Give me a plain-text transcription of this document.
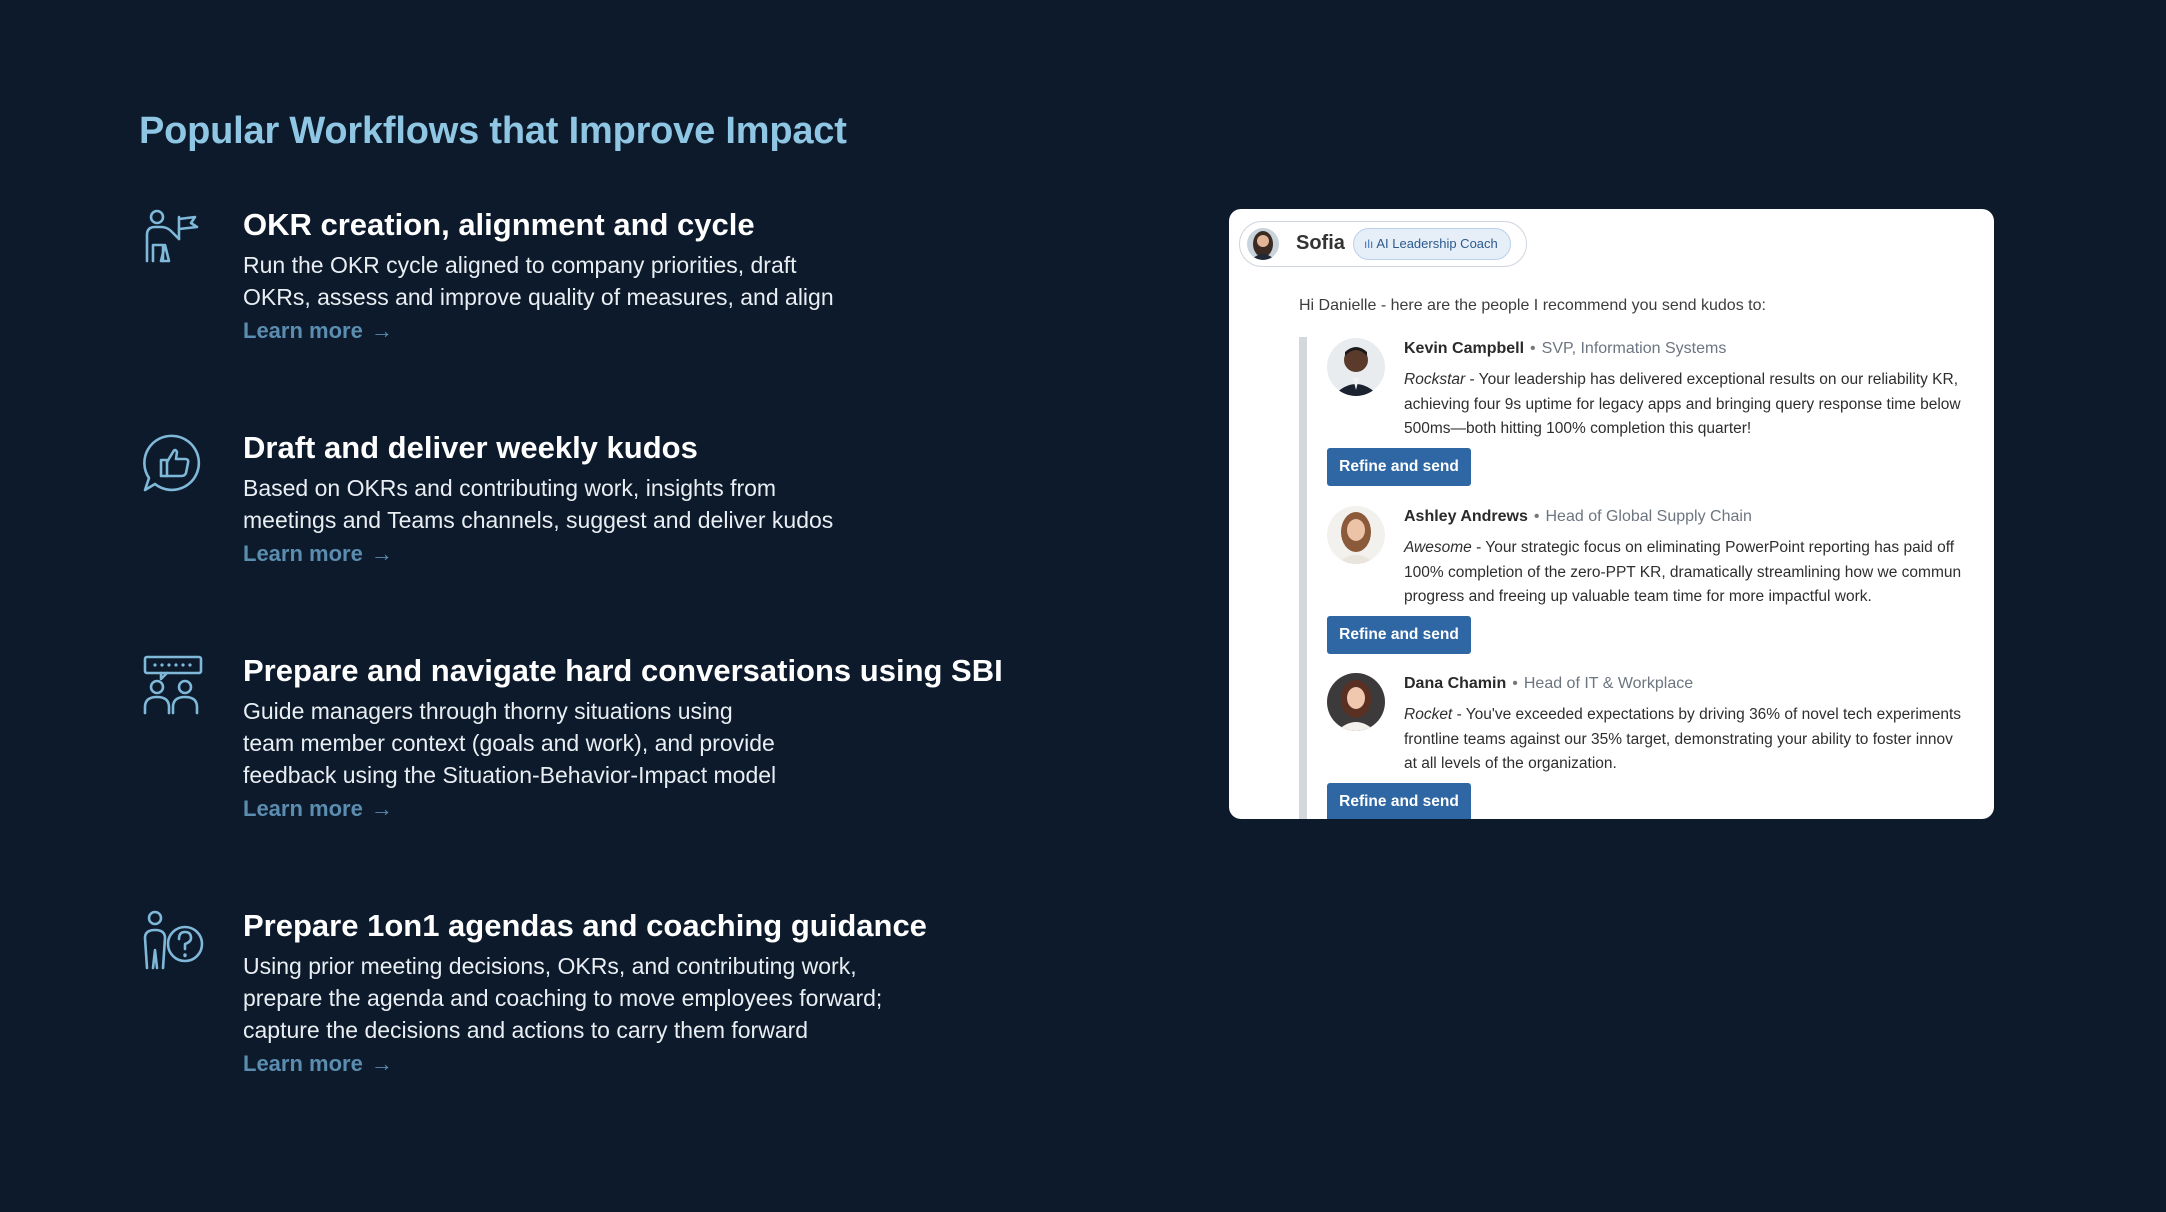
Popular Workflows that Improve Impact
OKR creation, alignment and cycle
Run the OKR cycle aligned to company priorities, draft
OKRs, assess and improve quality of measures, and align
Learn more →
Draft and deliver weekly kudos
Based on OKRs and contributing work, insights from
meetings and Teams channels, suggest and deliver kudos
Learn more →
Prepare and navigate hard conversations using SBI
Guide managers through thorny situations using
team member context (goals and work), and provide
feedback using the Situation-Behavior-Impact model
Learn more →
Prepare 1on1 agendas and coaching guidance
Using prior meeting decisions, OKRs, and contributing work,
prepare the agenda and coaching to move employees forward;
capture the decisions and actions to carry them forward
Learn more →
Sofia	ılı AI Leadership Coach
Hi Danielle - here are the people I recommend you send kudos to:
Kevin Campbell • SVP, Information Systems
Rockstar - Your leadership has delivered exceptional results on our reliability KR,
achieving four 9s uptime for legacy apps and bringing query response time below
500ms—both hitting 100% completion this quarter!
Refine and send
Ashley Andrews • Head of Global Supply Chain
Awesome - Your strategic focus on eliminating PowerPoint reporting has paid off
100% completion of the zero-PPT KR, dramatically streamlining how we commun
progress and freeing up valuable team time for more impactful work.
Refine and send
Dana Chamin • Head of IT & Workplace
Rocket - You've exceeded expectations by driving 36% of novel tech experiments
frontline teams against our 35% target, demonstrating your ability to foster innov
at all levels of the organization.
Refine and send
